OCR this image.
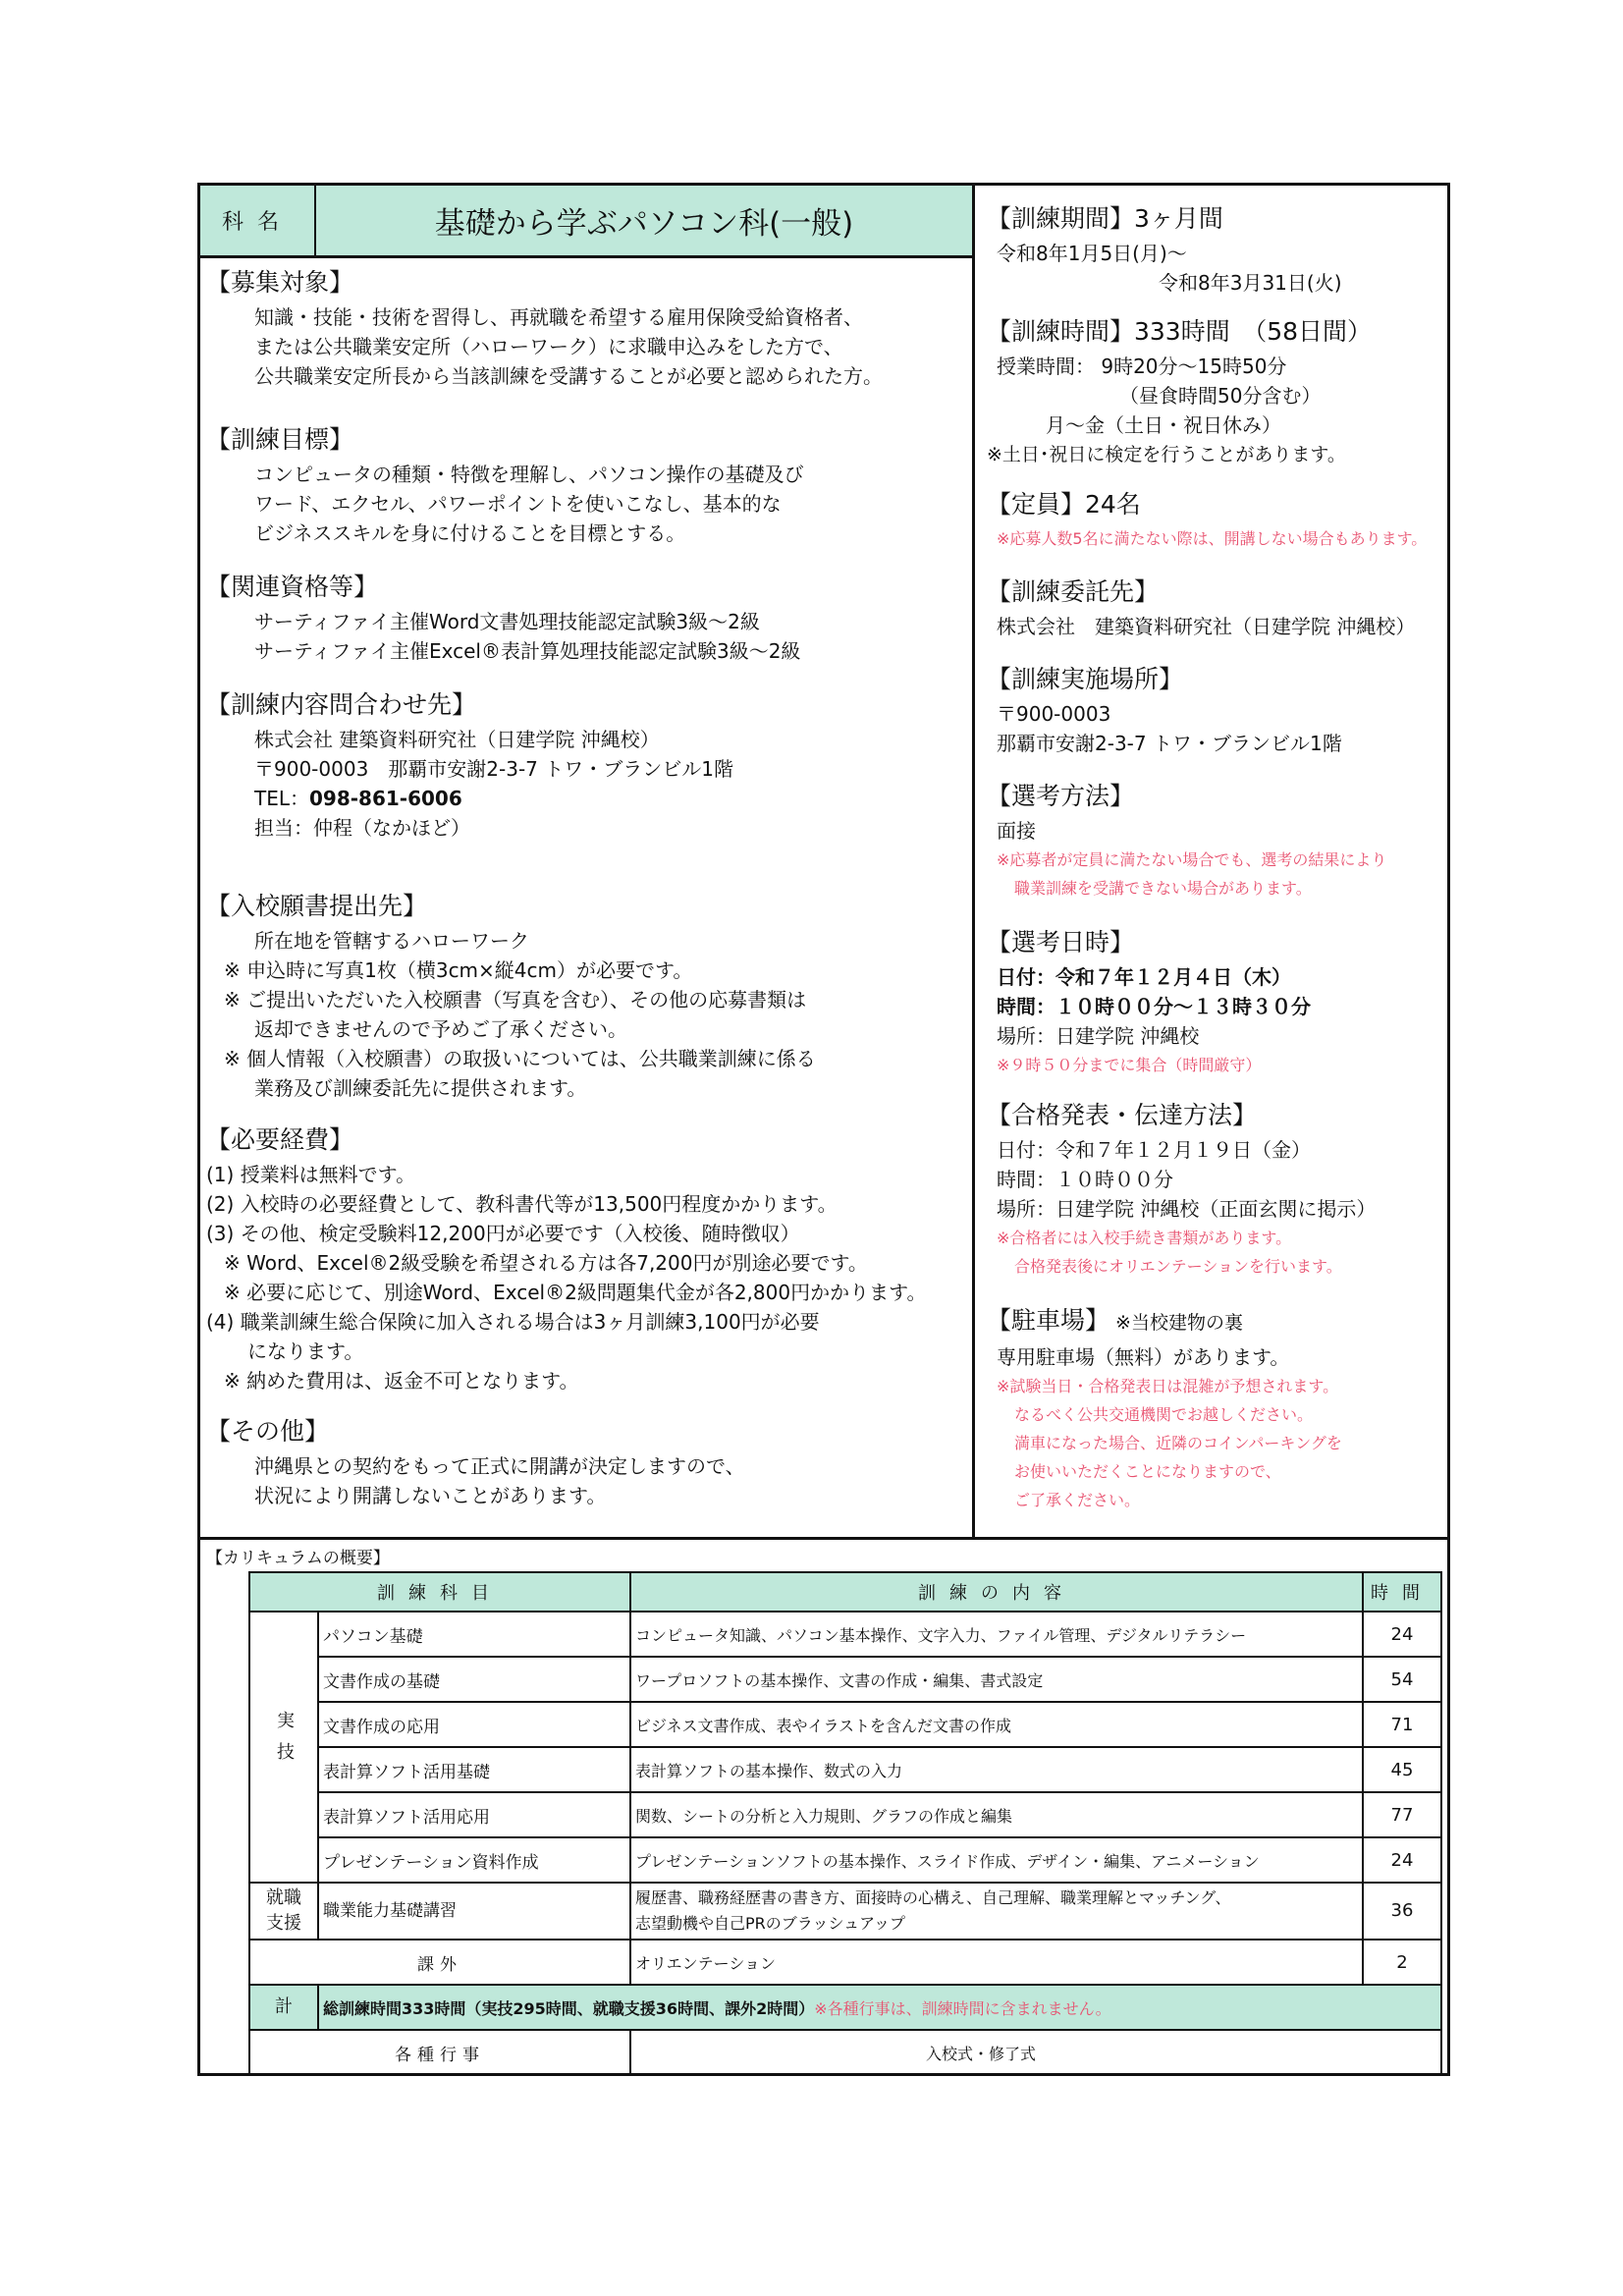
科名	基礎から学ぶパソコン科(一般)
【募集対象】
知識・技能・技術を習得し、再就職を希望する雇用保険受給資格者、
または公共職業安定所（ハローワーク）に求職申込みをした方で、
公共職業安定所長から当該訓練を受講することが必要と認められた方。
【訓練目標】
コンピュータの種類・特徴を理解し、パソコン操作の基礎及び
ワード、エクセル、パワーポイントを使いこなし、基本的な
ビジネススキルを身に付けることを目標とする。
【関連資格等】
サーティファイ主催Word文書処理技能認定試験3級～2級
サーティファイ主催Excel®表計算処理技能認定試験3級～2級
【訓練内容問合わせ先】
株式会社 建築資料研究社（日建学院 沖縄校）
〒900-0003　那覇市安謝2-3-7 トワ・ブランビル1階
TEL：098-861-6006
担当：仲程（なかほど）
【入校願書提出先】
所在地を管轄するハローワーク
※ 申込時に写真1枚（横3cm×縦4cm）が必要です。
※ ご提出いただいた入校願書（写真を含む）、その他の応募書類は
返却できませんので予めご了承ください。
※ 個人情報（入校願書）の取扱いについては、公共職業訓練に係る
業務及び訓練委託先に提供されます。
【必要経費】
(1) 授業料は無料です。
(2) 入校時の必要経費として、教科書代等が13,500円程度かかります。
(3) その他、検定受験料12,200円が必要です（入校後、随時徴収）
※ Word、Excel®2級受験を希望される方は各7,200円が別途必要です。
※ 必要に応じて、別途Word、Excel®2級問題集代金が各2,800円かかります。
(4) 職業訓練生総合保険に加入される場合は3ヶ月訓練3,100円が必要
になります。
※ 納めた費用は、返金不可となります。
【その他】
沖縄県との契約をもって正式に開講が決定しますので、
状況により開講しないことがあります。
【訓練期間】3ヶ月間
令和8年1月5日(月)～
令和8年3月31日(火)
【訓練時間】333時間　（58日間）
授業時間： 9時20分～15時50分
（昼食時間50分含む）
月～金（土日・祝日休み）
※土日･祝日に検定を行うことがあります。
【定員】24名
※応募人数5名に満たない際は、開講しない場合もあります。
【訓練委託先】
株式会社　建築資料研究社（日建学院 沖縄校）
【訓練実施場所】
〒900-0003
那覇市安謝2-3-7 トワ・ブランビル1階
【選考方法】
面接
※応募者が定員に満たない場合でも、選考の結果により
職業訓練を受講できない場合があります。
【選考日時】
日付：令和７年１２月４日（木）
時間：１０時００分～１３時３０分
場所：日建学院 沖縄校
※９時５０分までに集合（時間厳守）
【合格発表・伝達方法】
日付：令和７年１２月１９日（金）
時間：１０時００分
場所：日建学院 沖縄校（正面玄関に掲示）
※合格者には入校手続き書類があります。
合格発表後にオリエンテーションを行います。
【駐車場】 ※当校建物の裏
専用駐車場（無料）があります。
※試験当日・合格発表日は混雑が予想されます。
なるべく公共交通機関でお越しください。
満車になった場合、近隣のコインパーキングを
お使いいただくことになりますので、
ご了承ください。
【カリキュラムの概要】
訓練科目		訓練の内容	時間
実技	パソコン基礎	コンピュータ知識、パソコン基本操作、文字入力、ファイル管理、デジタルリテラシー	24
	文書作成の基礎	ワープロソフトの基本操作、文書の作成・編集、書式設定	54
	文書作成の応用	ビジネス文書作成、表やイラストを含んだ文書の作成	71
	表計算ソフト活用基礎	表計算ソフトの基本操作、数式の入力	45
	表計算ソフト活用応用	関数、シートの分析と入力規則、グラフの作成と編集	77
	プレゼンテーション資料作成	プレゼンテーションソフトの基本操作、スライド作成、デザイン・編集、アニメーション	24
就職支援	職業能力基礎講習	履歴書、職務経歴書の書き方、面接時の心構え、自己理解、職業理解とマッチング、
志望動機や自己PRのブラッシュアップ	36
課外		オリエンテーション	2
計	総訓練時間333時間（実技295時間、就職支援36時間、課外2時間）※各種行事は、訓練時間に含まれません。		
各種行事		入校式・修了式	
